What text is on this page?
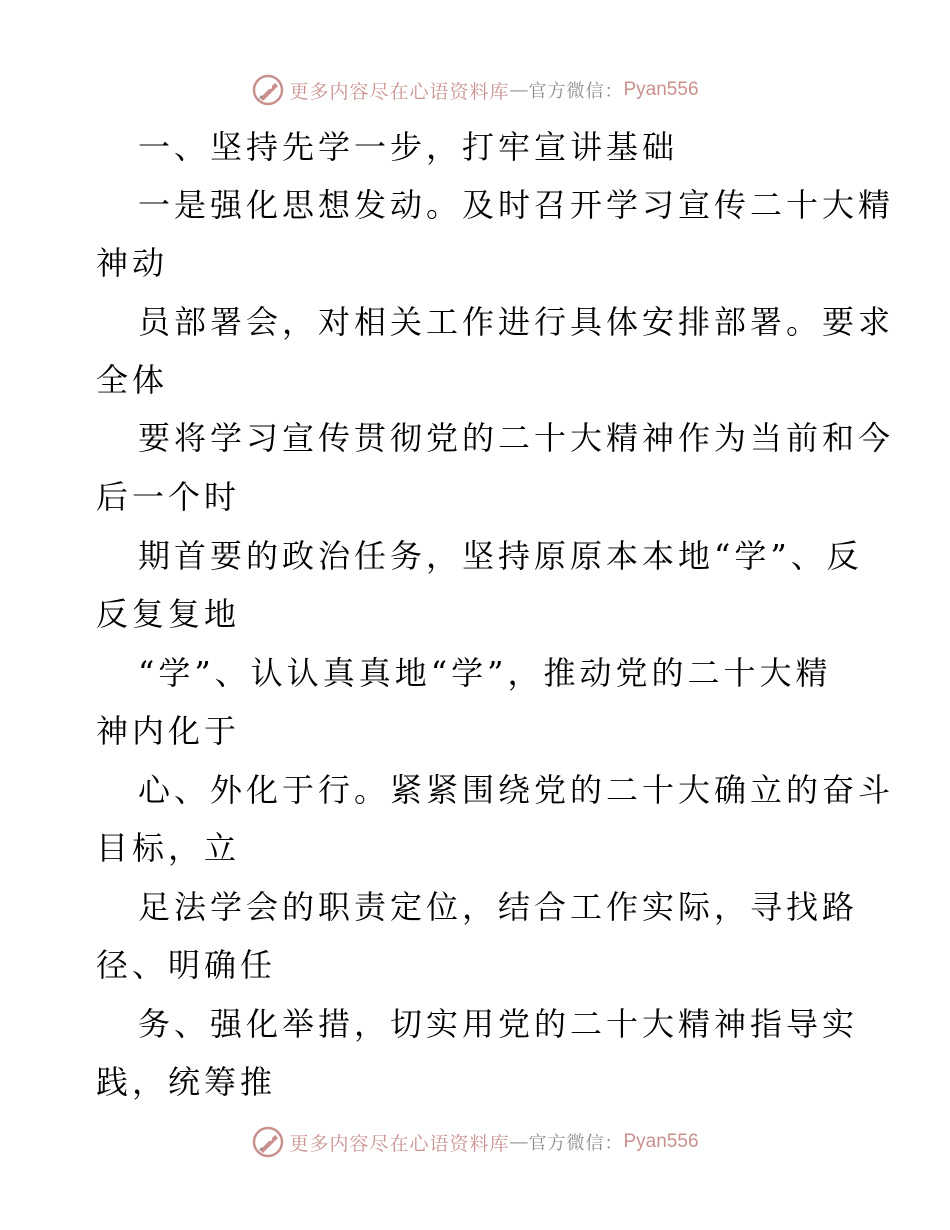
更多内容尽在心语资料库 — 官方微信： Pyan556
一、坚持先学一步，打牢宣讲基础
一是强化思想发动。及时召开学习宣传二十大精
神动
员部署会，对相关工作进行具体安排部署。要求
全体
要将学习宣传贯彻党的二十大精神作为当前和今
后一个时
期首要的政治任务，坚持原原本本地“学”、反
反复复地
“学”、认认真真地“学”，推动党的二十大精
神内化于
心、外化于行。紧紧围绕党的二十大确立的奋斗
目标，立
足法学会的职责定位，结合工作实际，寻找路
径、明确任
务、强化举措，切实用党的二十大精神指导实
践，统筹推
更多内容尽在心语资料库 — 官方微信： Pyan556
